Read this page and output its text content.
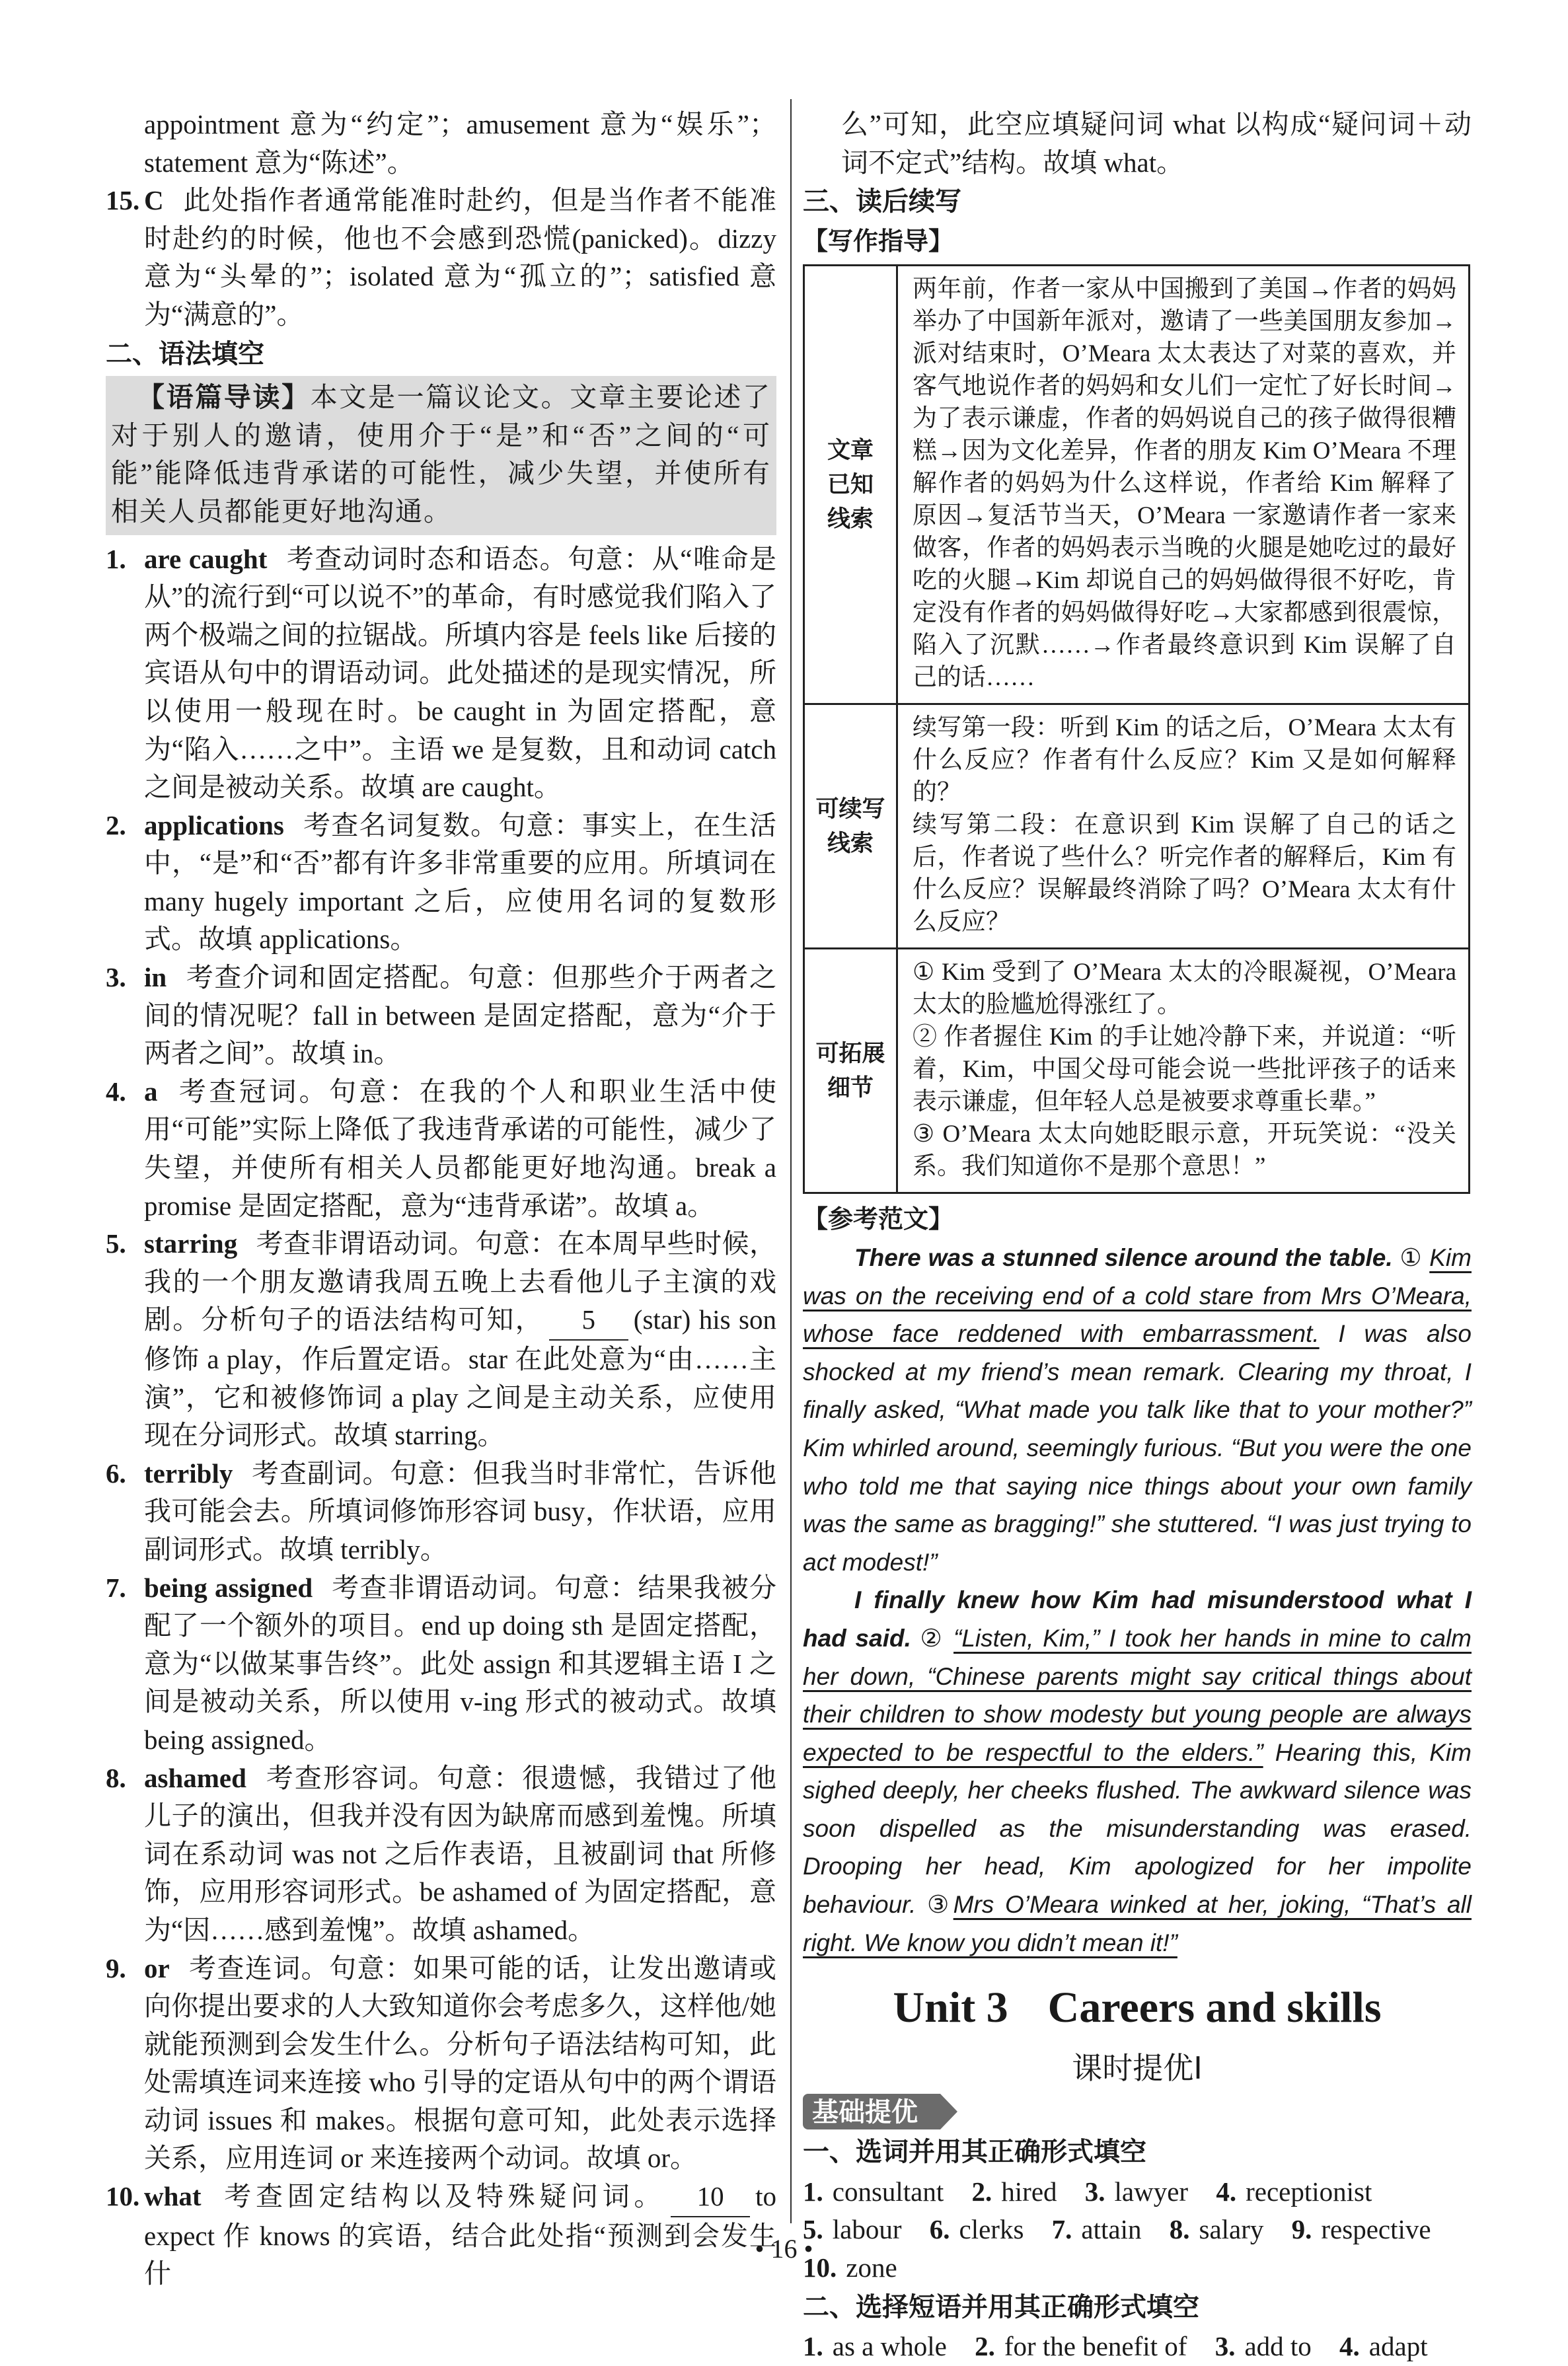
appointment 意为“约定”；amusement 意为“娱乐”；statement 意为“陈述”。

15. C 此处指作者通常能准时赴约，但是当作者不能准时赴约的时候，他也不会感到恐慌(panicked)。dizzy 意为“头晕的”；isolated 意为“孤立的”；satisfied 意为“满意的”。

二、语法填空
【语篇导读】本文是一篇议论文。文章主要论述了对于别人的邀请，使用介于“是”和“否”之间的“可能”能降低违背承诺的可能性，减少失望，并使所有相关人员都能更好地沟通。

1. are caught 考查动词时态和语态。句意：从“唯命是从”的流行到“可以说不”的革命，有时感觉我们陷入了两个极端之间的拉锯战。所填内容是 feels like 后接的宾语从句中的谓语动词。此处描述的是现实情况，所以使用一般现在时。be caught in 为固定搭配，意为“陷入……之中”。主语 we 是复数，且和动词 catch 之间是被动关系。故填 are caught。

2. applications 考查名词复数。句意：事实上，在生活中，“是”和“否”都有许多非常重要的应用。所填词在 many hugely important 之后，应使用名词的复数形式。故填 applications。

3. in 考查介词和固定搭配。句意：但那些介于两者之间的情况呢？fall in between 是固定搭配，意为“介于两者之间”。故填 in。

4. a 考查冠词。句意：在我的个人和职业生活中使用“可能”实际上降低了我违背承诺的可能性，减少了失望，并使所有相关人员都能更好地沟通。break a promise 是固定搭配，意为“违背承诺”。故填 a。

5. starring 考查非谓语动词。句意：在本周早些时候，我的一个朋友邀请我周五晚上去看他儿子主演的戏剧。分析句子的语法结构可知， 5 (star) his son 修饰 a play，作后置定语。star 在此处意为“由……主演”，它和被修饰词 a play 之间是主动关系，应使用现在分词形式。故填 starring。

6. terribly 考查副词。句意：但我当时非常忙，告诉他我可能会去。所填词修饰形容词 busy，作状语，应用副词形式。故填 terribly。

7. being assigned 考查非谓语动词。句意：结果我被分配了一个额外的项目。end up doing sth 是固定搭配，意为“以做某事告终”。此处 assign 和其逻辑主语 I 之间是被动关系，所以使用 v-ing 形式的被动式。故填 being assigned。

8. ashamed 考查形容词。句意：很遗憾，我错过了他儿子的演出，但我并没有因为缺席而感到羞愧。所填词在系动词 was not 之后作表语，且被副词 that 所修饰，应用形容词形式。be ashamed of 为固定搭配，意为“因……感到羞愧”。故填 ashamed。

9. or 考查连词。句意：如果可能的话，让发出邀请或向你提出要求的人大致知道你会考虑多久，这样他/她就能预测到会发生什么。分析句子语法结构可知，此处需填连词来连接 who 引导的定语从句中的两个谓语动词 issues 和 makes。根据句意可知，此处表示选择关系，应用连词 or 来连接两个动词。故填 or。

10. what 考查固定结构以及特殊疑问词。 10 to expect 作 knows 的宾语，结合此处指“预测到会发生什

么”可知，此空应填疑问词 what 以构成“疑问词＋动词不定式”结构。故填 what。

三、读后续写
【写作指导】
文章已知线索	两年前，作者一家从中国搬到了美国→作者的妈妈举办了中国新年派对，邀请了一些美国朋友参加→派对结束时，O’Meara 太太表达了对菜的喜欢，并客气地说作者的妈妈和女儿们一定忙了好长时间→为了表示谦虚，作者的妈妈说自己的孩子做得很糟糕→因为文化差异，作者的朋友 Kim O’Meara 不理解作者的妈妈为什么这样说，作者给 Kim 解释了原因→复活节当天，O’Meara 一家邀请作者一家来做客，作者的妈妈表示当晚的火腿是她吃过的最好吃的火腿→Kim 却说自己的妈妈做得很不好吃，肯定没有作者的妈妈做得好吃→大家都感到很震惊，陷入了沉默……→作者最终意识到 Kim 误解了自己的话……
可续写线索	续写第一段：听到 Kim 的话之后，O’Meara 太太有什么反应？作者有什么反应？Kim 又是如何解释的？
续写第二段：在意识到 Kim 误解了自己的话之后，作者说了些什么？听完作者的解释后，Kim 有什么反应？误解最终消除了吗？O’Meara 太太有什么反应？

可拓展细节	① Kim 受到了 O’Meara 太太的冷眼凝视，O’Meara 太太的脸尴尬得涨红了。
② 作者握住 Kim 的手让她冷静下来，并说道：“听着，Kim，中国父母可能会说一些批评孩子的话来表示谦虚，但年轻人总是被要求尊重长辈。”
③ O’Meara 太太向她眨眼示意，开玩笑说：“没关系。我们知道你不是那个意思！”
【参考范文】

There was a stunned silence around the table. ① Kim was on the receiving end of a cold stare from Mrs O’Meara, whose face reddened with embarrassment. I was also shocked at my friend’s mean remark. Clearing my throat, I finally asked, “What made you talk like that to your mother?” Kim whirled around, seemingly furious. “But you were the one who told me that saying nice things about your own family was the same as bragging!” she stuttered. “I was just trying to act modest!”

I finally knew how Kim had misunderstood what I had said. ② “Listen, Kim,” I took her hands in mine to calm her down, “Chinese parents might say critical things about their children to show modesty but young people are always expected to be respectful to the elders.” Hearing this, Kim sighed deeply, her cheeks flushed. The awkward silence was soon dispelled as the misunderstanding was erased. Drooping her head, Kim apologized for her impolite behaviour. ③Mrs O’Meara winked at her, joking, “That’s all right. We know you didn’t mean it!”

Unit 3 Careers and skills
课时提优Ⅰ
基础提优
一、选词并用其正确形式填空
1. consultant 2. hired 3. lawyer 4. receptionist
5. labour 6. clerks 7. attain 8. salary 9. respective
10. zone
二、选择短语并用其正确形式填空
1. as a whole 2. for the benefit of 3. add to 4. adapt
• 16 •
